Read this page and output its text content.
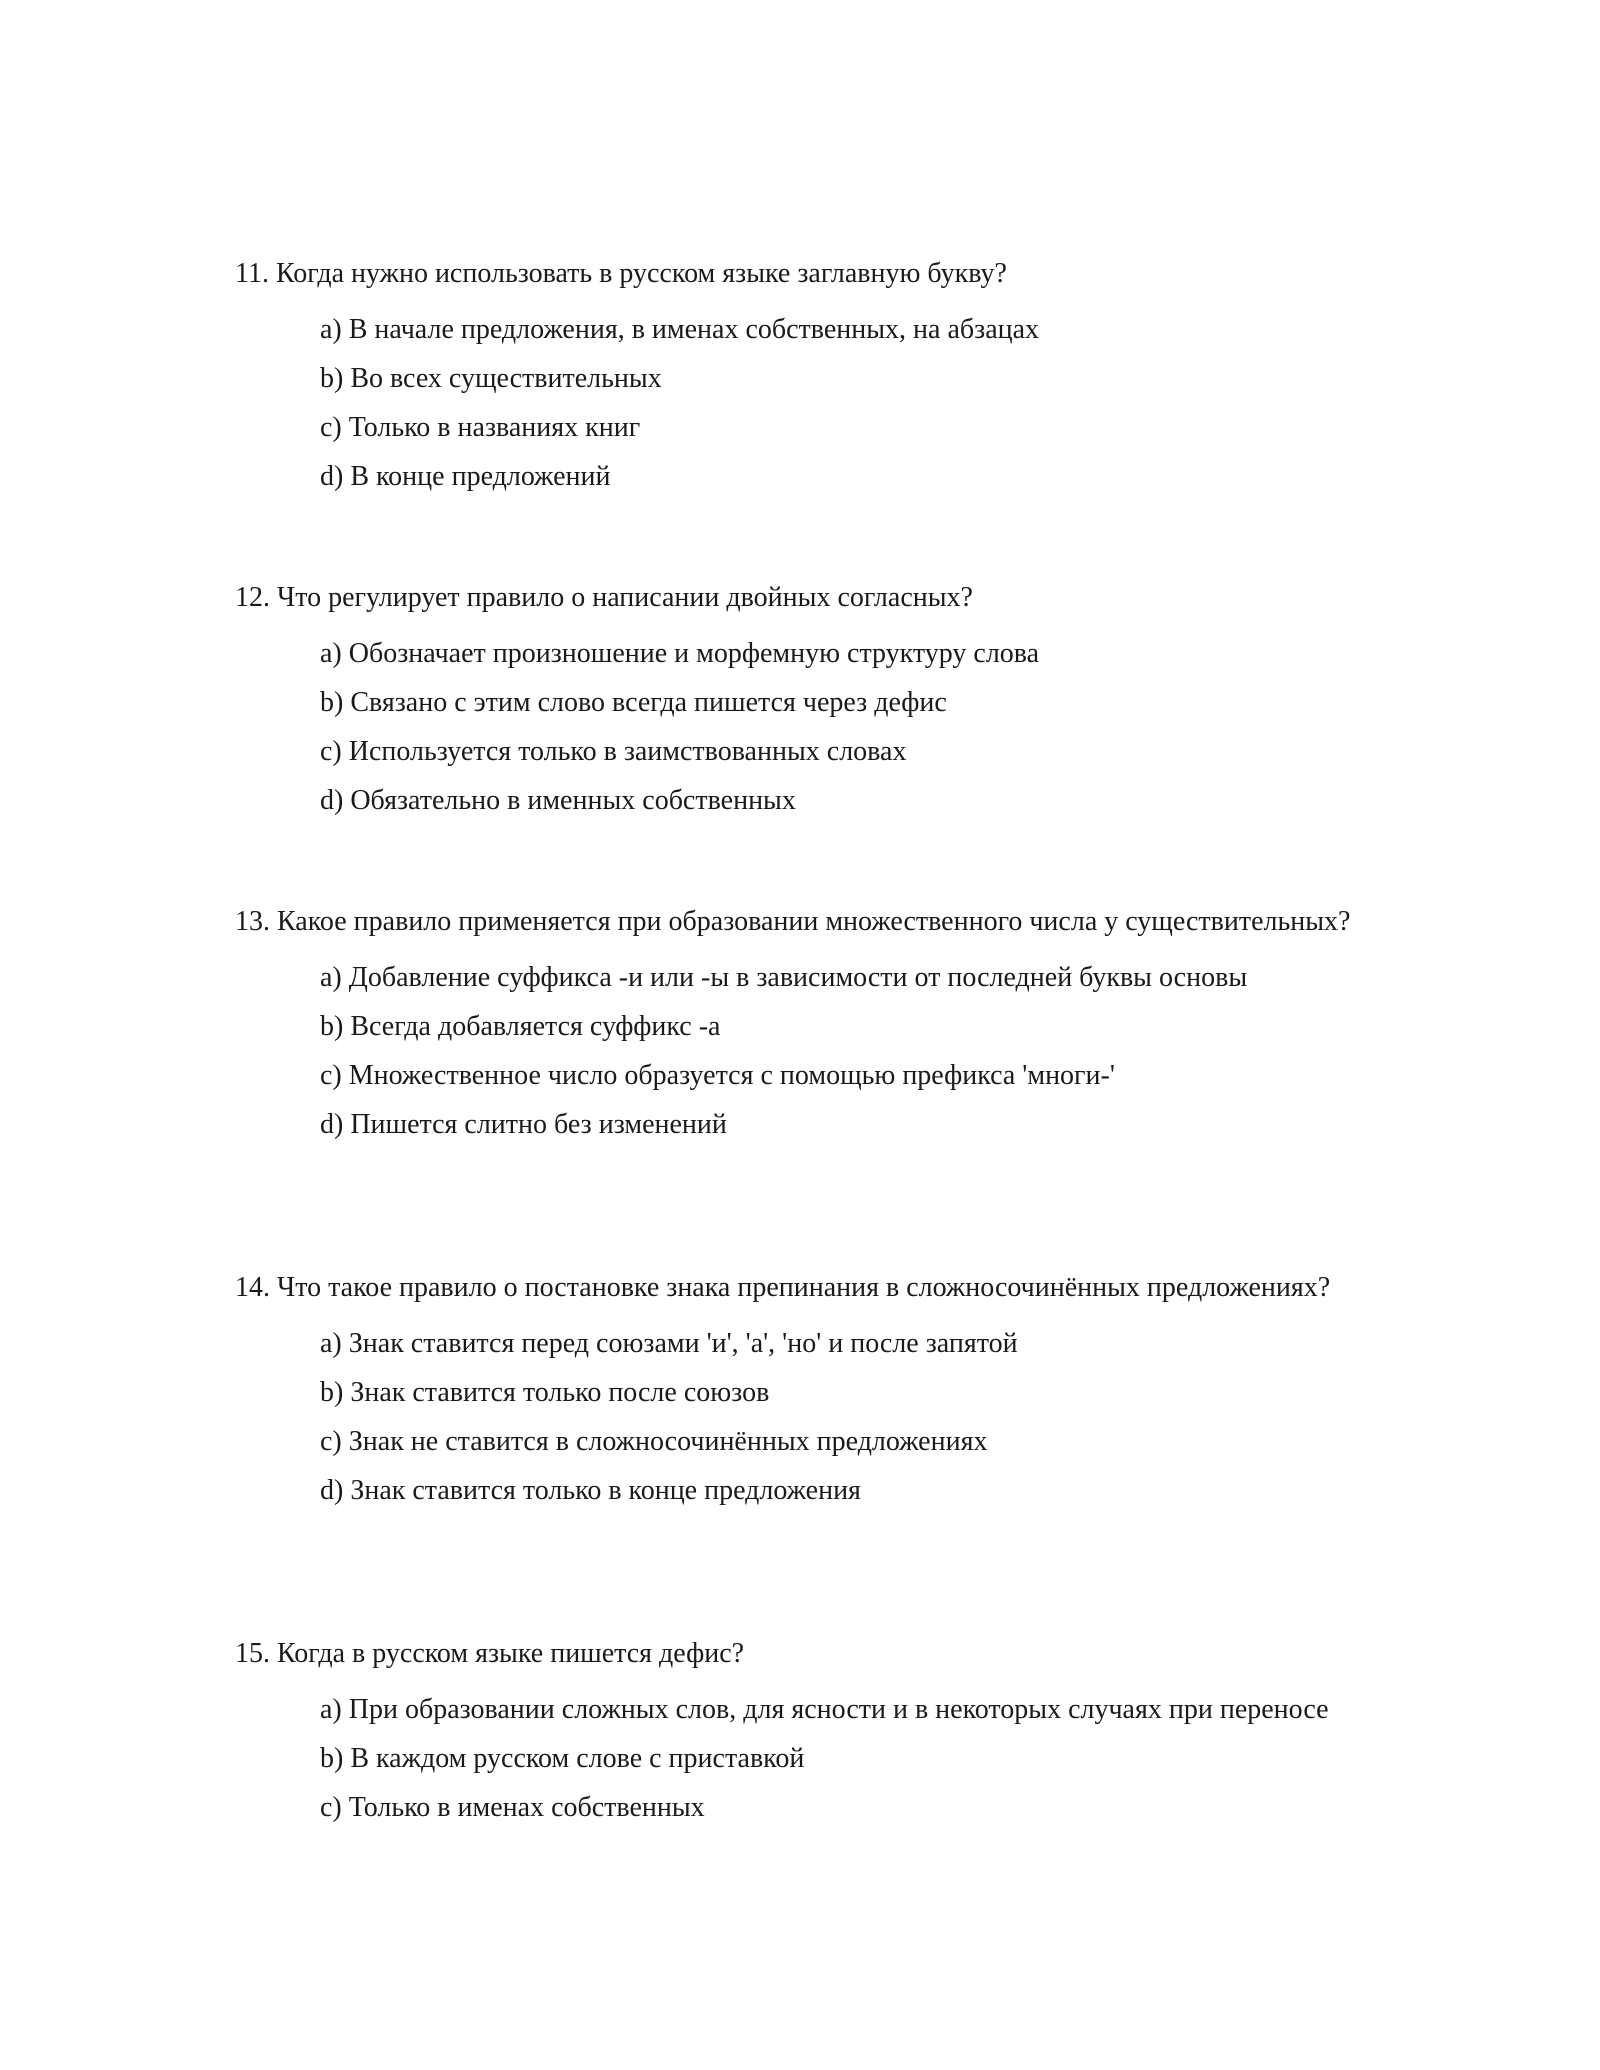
11. Когда нужно использовать в русском языке заглавную букву?

a) В начале предложения, в именах собственных, на абзацах
b) Во всех существительных
c) Только в названиях книг
d) В конце предложений

12. Что регулирует правило о написании двойных согласных?

a) Обозначает произношение и морфемную структуру слова
b) Связано с этим слово всегда пишется через дефис
c) Используется только в заимствованных словах
d) Обязательно в именных собственных

13. Какое правило применяется при образовании множественного числа у существительных?

a) Добавление суффикса -и или -ы в зависимости от последней буквы основы
b) Всегда добавляется суффикс -а
c) Множественное число образуется с помощью префикса 'многи-'
d) Пишется слитно без изменений

14. Что такое правило о постановке знака препинания в сложносочинённых предложениях?

a) Знак ставится перед союзами 'и', 'а', 'но' и после запятой
b) Знак ставится только после союзов
c) Знак не ставится в сложносочинённых предложениях
d) Знак ставится только в конце предложения

15. Когда в русском языке пишется дефис?

a) При образовании сложных слов, для ясности и в некоторых случаях при переносе
b) В каждом русском слове с приставкой
c) Только в именах собственных
